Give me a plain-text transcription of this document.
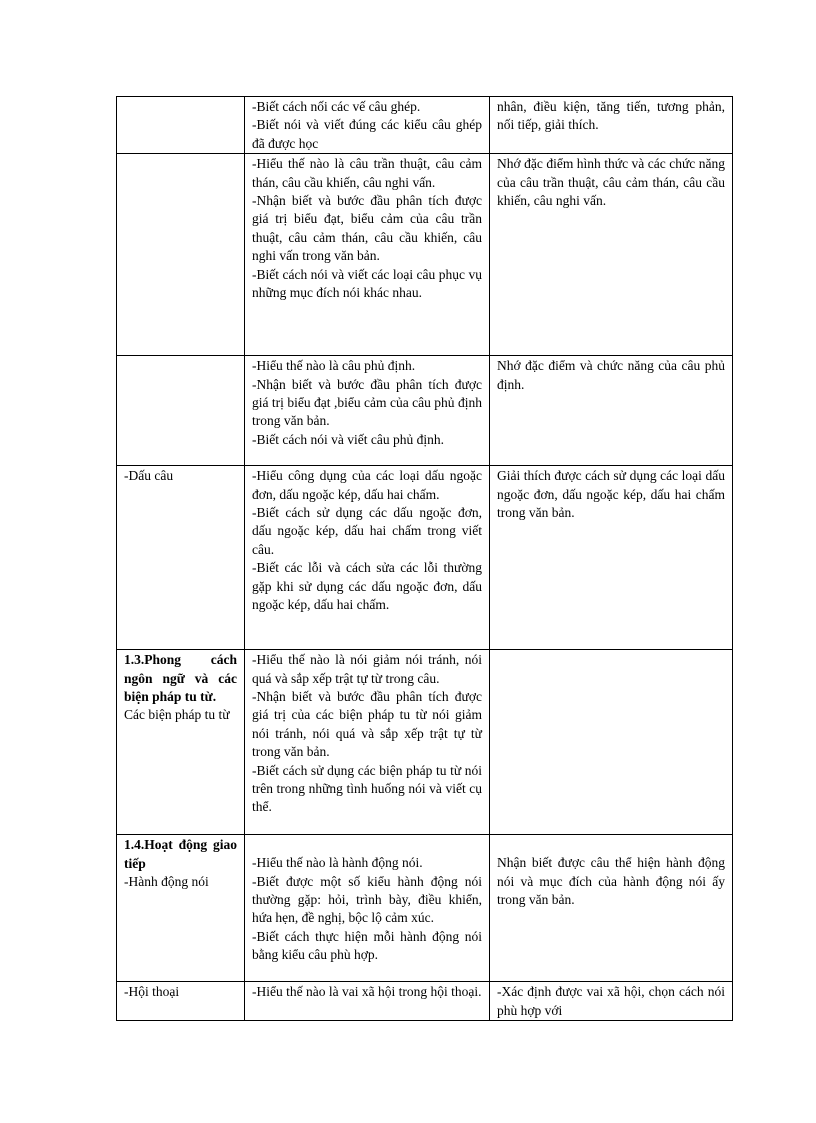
	-Biết cách nối các vế câu ghép.
-Biết nói và viết đúng các kiểu câu ghép đã được học	nhân, điều kiện, tăng tiến, tương phản, nối tiếp, giải thích.

	-Hiểu thế nào là câu trần thuật, câu cảm thán, câu cầu khiến, câu nghi vấn.
-Nhận biết và bước đầu phân tích được giá trị biểu đạt, biểu cảm của câu trần thuật, câu cảm thán, câu cầu khiến, câu nghi vấn trong văn bản.
-Biết cách nói và viết các loại câu phục vụ những mục đích nói khác nhau.	Nhớ đặc điểm hình thức và các chức năng của câu trần thuật, câu cảm thán, câu cầu khiến, câu nghi vấn.

	-Hiểu thế nào là câu phủ định.
-Nhận biết và bước đầu phân tích được giá trị biểu đạt ,biểu cảm của câu phủ định trong văn bản.
-Biết cách nói và viết câu phủ định.	Nhớ đặc điểm và chức năng của câu phủ định.

-Dấu câu	-Hiểu công dụng của các loại dấu ngoặc đơn, dấu ngoặc kép, dấu hai chấm.
-Biết cách sử dụng các dấu ngoặc đơn, dấu ngoặc kép, dấu hai chấm trong viết câu.
-Biết các lỗi và cách sửa các lỗi thường gặp khi sử dụng các dấu ngoặc đơn, dấu ngoặc kép, dấu hai chấm.	Giải thích được cách sử dụng các loại dấu ngoặc đơn, dấu ngoặc kép, dấu hai chấm trong văn bản.

1.3.Phong cách ngôn ngữ và các biện pháp tu từ.
Các biện pháp tu từ	-Hiểu thế nào là nói giảm nói tránh, nói quá và sắp xếp trật tự từ trong câu.
-Nhận biết và bước đầu phân tích được giá trị của các biện pháp tu từ nói giảm nói tránh, nói quá và sắp xếp trật tự từ trong văn bản.
-Biết cách sử dụng các biện pháp tu từ nói trên trong những tình huống nói và viết cụ thể.	

1.4.Hoạt động giao tiếp
-Hành động nói	-Hiểu thế nào là hành động nói.
-Biết được một số kiểu hành động nói thường gặp: hỏi, trình bày, điều khiển, hứa hẹn, đề nghị, bộc lộ cảm xúc.
-Biết cách thực hiện mỗi hành động nói bằng kiểu câu phù hợp.	Nhận biết được câu thể hiện hành động nói và mục đích của hành động nói ấy trong văn bản.

-Hội thoại	-Hiểu thế nào là vai xã hội trong hội thoại.	-Xác định được vai xã hội, chọn cách nói phù hợp với
